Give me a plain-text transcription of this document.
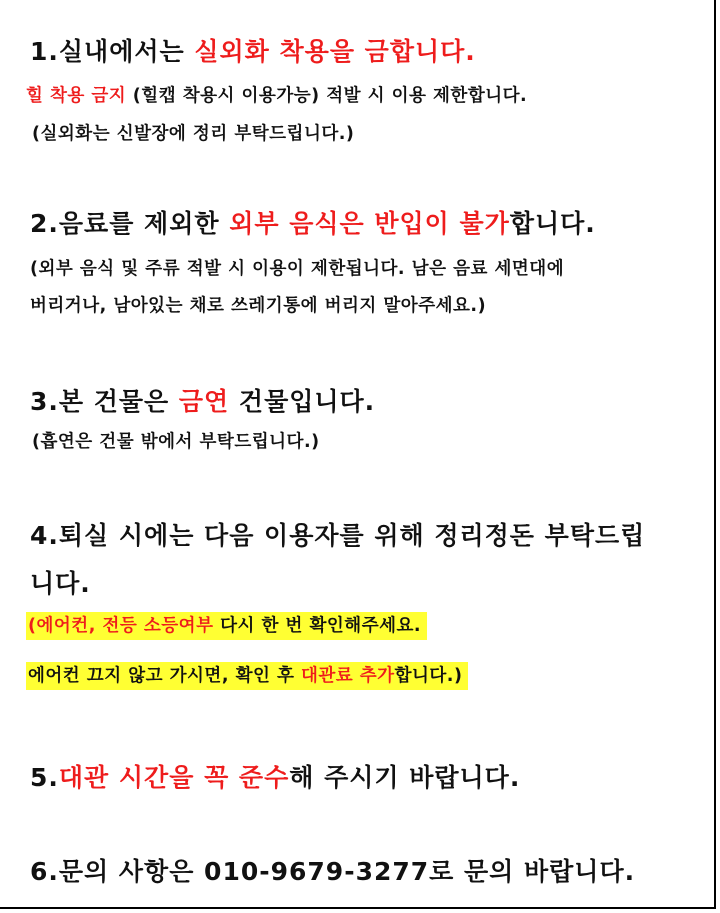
1.실내에서는 실외화 착용을 금합니다.
힐 착용 금지 (힐캡 착용시 이용가능) 적발 시 이용 제한합니다.
(실외화는 신발장에 정리 부탁드립니다.)
2.음료를 제외한 외부 음식은 반입이 불가합니다.
(외부 음식 및 주류 적발 시 이용이 제한됩니다. 남은 음료 세면대에
버리거나, 남아있는 채로 쓰레기통에 버리지 말아주세요.)
3.본 건물은 금연 건물입니다.
(흡연은 건물 밖에서 부탁드립니다.)
4.퇴실 시에는 다음 이용자를 위해 정리정돈 부탁드립
니다.
(에어컨, 전등 소등여부 다시 한 번 확인해주세요.
에어컨 끄지 않고 가시면, 확인 후 대관료 추가합니다.)
5.대관 시간을 꼭 준수해 주시기 바랍니다.
6.문의 사항은 010-9679-3277로 문의 바랍니다.
